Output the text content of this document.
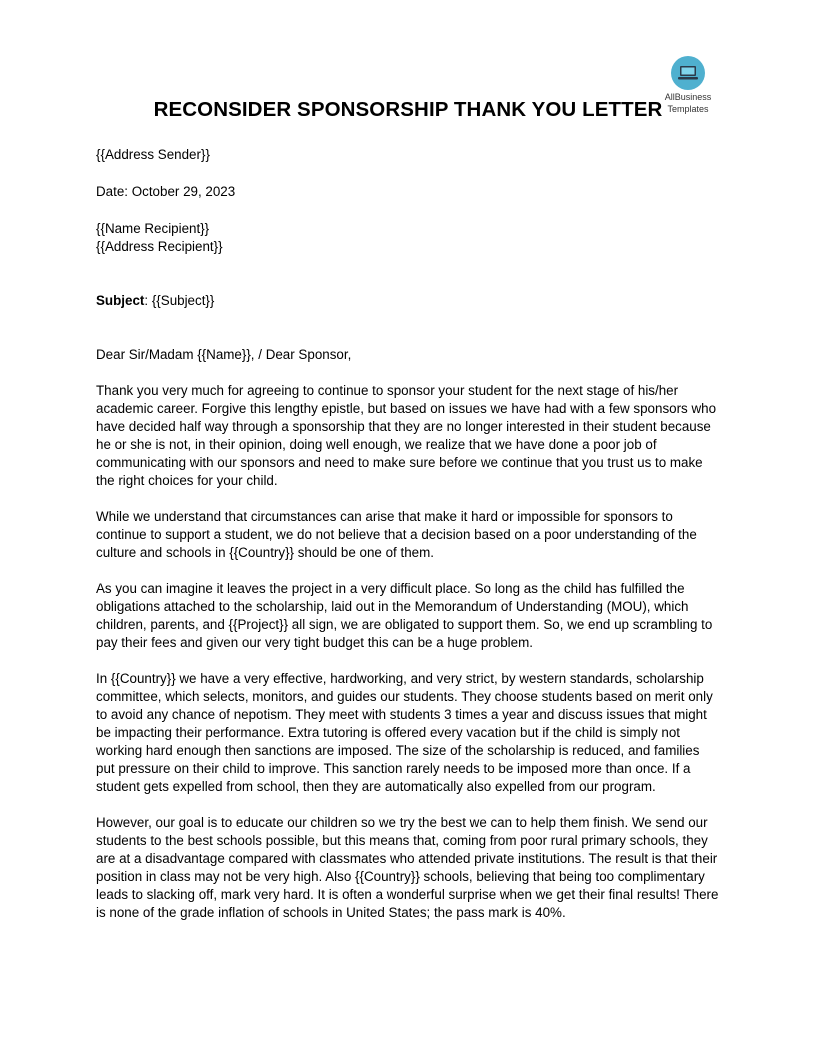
AllBusiness
Templates
RECONSIDER SPONSORSHIP THANK YOU LETTER

{{Address Sender}}

Date: October 29, 2023

{{Name Recipient}}

{{Address Recipient}}

Subject: {{Subject}}

Dear Sir/Madam {{Name}}, / Dear Sponsor,

Thank you very much for agreeing to continue to sponsor your student for the next stage of his/her academic career. Forgive this lengthy epistle, but based on issues we have had with a few sponsors who have decided half way through a sponsorship that they are no longer interested in their student because he or she is not, in their opinion, doing well enough, we realize that we have done a poor job of communicating with our sponsors and need to make sure before we continue that you trust us to make the right choices for your child.

While we understand that circumstances can arise that make it hard or impossible for sponsors to continue to support a student, we do not believe that a decision based on a poor understanding of the culture and schools in {{Country}} should be one of them.

As you can imagine it leaves the project in a very difficult place. So long as the child has fulfilled the obligations attached to the scholarship, laid out in the Memorandum of Understanding (MOU), which children, parents, and {{Project}} all sign, we are obligated to support them. So, we end up scrambling to pay their fees and given our very tight budget this can be a huge problem.

In {{Country}} we have a very effective, hardworking, and very strict, by western standards, scholarship committee, which selects, monitors, and guides our students. They choose students based on merit only to avoid any chance of nepotism. They meet with students 3 times a year and discuss issues that might be impacting their performance. Extra tutoring is offered every vacation but if the child is simply not working hard enough then sanctions are imposed. The size of the scholarship is reduced, and families put pressure on their child to improve. This sanction rarely needs to be imposed more than once. If a student gets expelled from school, then they are automatically also expelled from our program.

However, our goal is to educate our children so we try the best we can to help them finish. We send our students to the best schools possible, but this means that, coming from poor rural primary schools, they are at a disadvantage compared with classmates who attended private institutions. The result is that their position in class may not be very high. Also {{Country}} schools, believing that being too complimentary leads to slacking off, mark very hard. It is often a wonderful surprise when we get their final results! There is none of the grade inflation of schools in United States; the pass mark is 40%.
